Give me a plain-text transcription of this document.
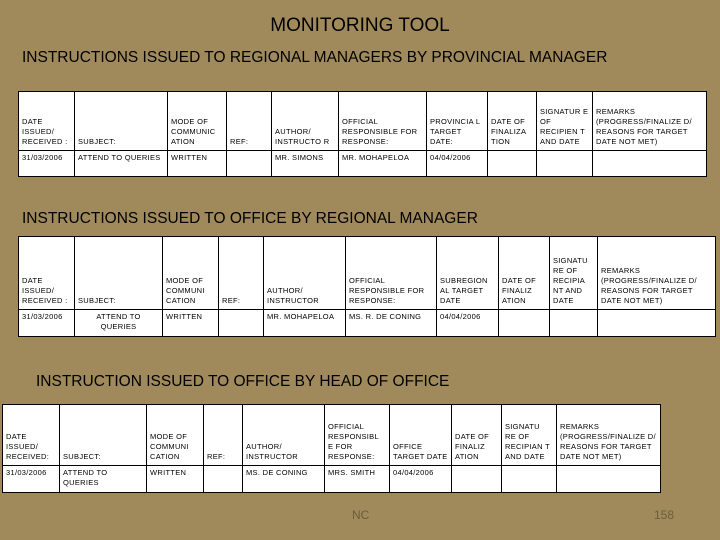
MONITORING TOOL
INSTRUCTIONS ISSUED TO REGIONAL MANAGERS BY PROVINCIAL MANAGER
DATE ISSUED/ RECEIVED :	SUBJECT:	MODE OF COMMUNIC ATION	REF:	AUTHOR/ INSTRUCTO R	OFFICIAL RESPONSIBLE FOR RESPONSE:	PROVINCIA L TARGET DATE:	DATE OF FINALIZA TION	SIGNATUR E OF RECIPIEN T AND DATE	REMARKS (PROGRESS/FINALIZE D/ REASONS FOR TARGET DATE NOT MET)
31/03/2006	ATTEND TO QUERIES	WRITTEN		MR. SIMONS	MR. MOHAPELOA	04/04/2006			
INSTRUCTIONS ISSUED TO OFFICE BY REGIONAL MANAGER
DATE ISSUED/ RECEIVED :	SUBJECT:	MODE OF COMMUNI CATION	REF:	AUTHOR/ INSTRUCTOR	OFFICIAL RESPONSIBLE FOR RESPONSE:	SUBREGION AL TARGET DATE	DATE OF FINALIZ ATION	SIGNATU RE OF RECIPIA NT AND DATE	REMARKS (PROGRESS/FINALIZE D/ REASONS FOR TARGET DATE NOT MET)
31/03/2006	ATTEND TO QUERIES	WRITTEN		MR. MOHAPELOA	MS. R. DE CONING	04/04/2006			
INSTRUCTION ISSUED TO OFFICE BY HEAD OF OFFICE
DATE ISSUED/ RECEIVED:	SUBJECT:	MODE OF COMMUNI CATION	REF:	AUTHOR/ INSTRUCTOR	OFFICIAL RESPONSIBL E FOR RESPONSE:	OFFICE TARGET DATE	DATE OF FINALIZ ATION	SIGNATU RE OF RECIPIAN T AND DATE	REMARKS (PROGRESS/FINALIZE D/ REASONS FOR TARGET DATE NOT MET)
31/03/2006	ATTEND TO QUERIES	WRITTEN		MS. DE CONING	MRS. SMITH	04/04/2006			
NC	158
